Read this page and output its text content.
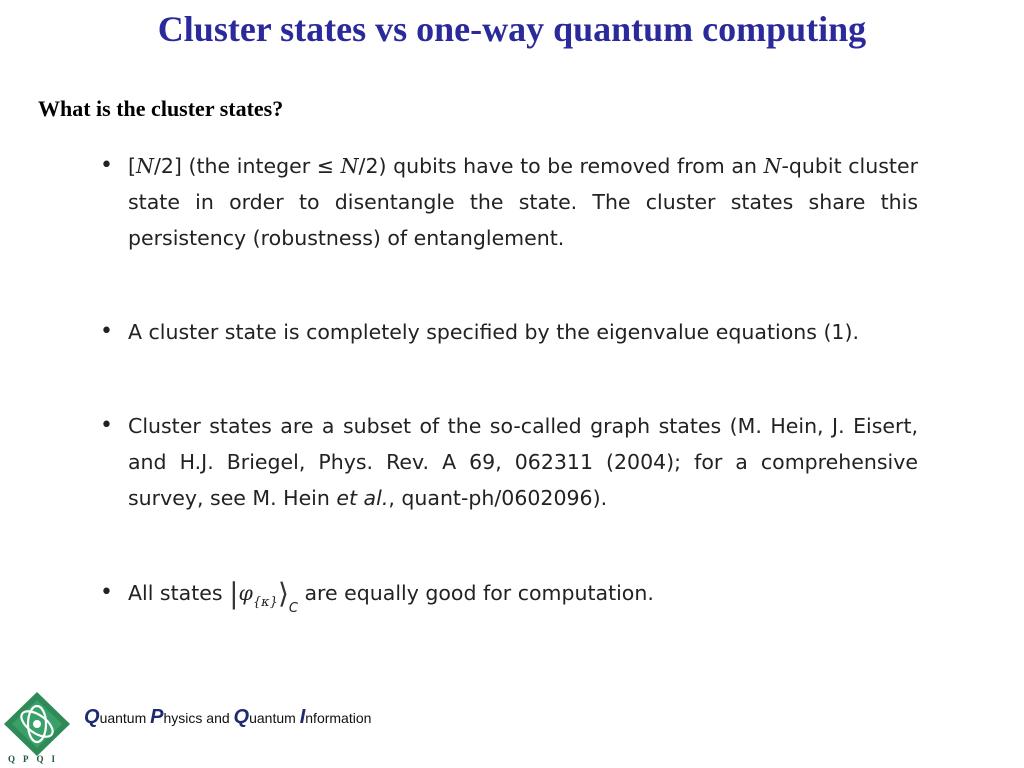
Cluster states vs one-way quantum computing
What is the cluster states?
• [N/2] (the integer ≤ N/2) qubits have to be removed from an N-qubit cluster state in order to disentangle the state. The cluster states share this persistency (robustness) of entanglement.
• A cluster state is completely specified by the eigenvalue equations (1).
• Cluster states are a subset of the so-called graph states (M. Hein, J. Eisert, and H.J. Briegel, Phys. Rev. A 69, 062311 (2004); for a comprehensive survey, see M. Hein et al., quant-ph/0602096).
• All states $|\varphi_{\{\kappa\}}⟩_C$ are equally good for computation.
QPQI
Quantum Physics and Quantum Information
